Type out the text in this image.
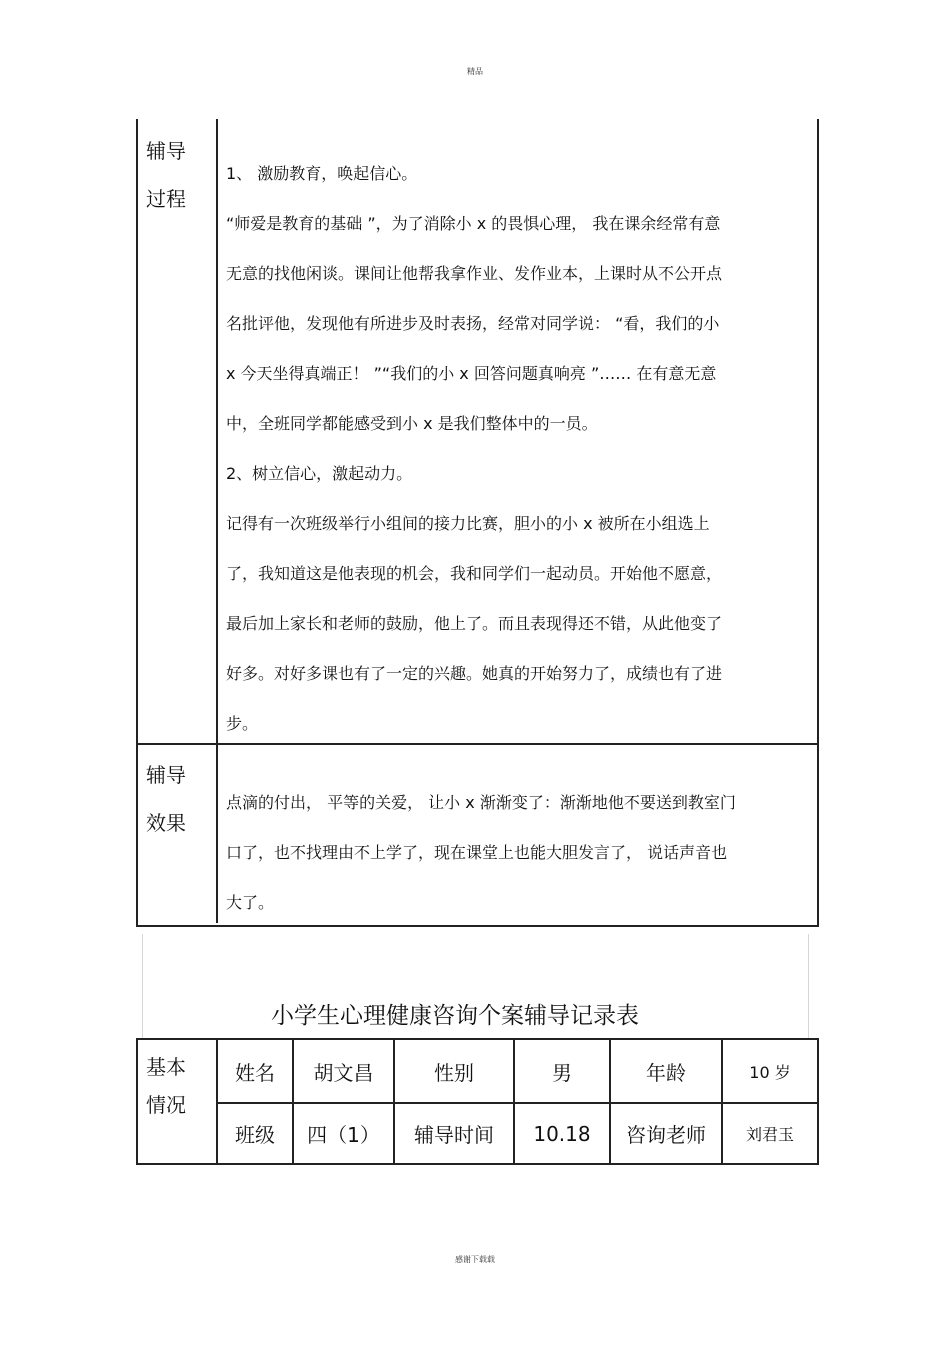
精品
辅导
过程

1、 激励教育，唤起信心。

“师爱是教育的基础 ”，为了消除小 x 的畏惧心理， 我在课余经常有意

无意的找他闲谈。课间让他帮我拿作业、发作业本，上课时从不公开点

名批评他，发现他有所进步及时表扬，经常对同学说： “看，我们的小

x 今天坐得真端正！ ”“我们的小 x 回答问题真响亮 ”…… 在有意无意

中，全班同学都能感受到小 x 是我们整体中的一员。

2、树立信心，激起动力。

记得有一次班级举行小组间的接力比赛，胆小的小 x 被所在小组选上

了，我知道这是他表现的机会，我和同学们一起动员。开始他不愿意，

最后加上家长和老师的鼓励，他上了。而且表现得还不错，从此他变了

好多。对好多课也有了一定的兴趣。她真的开始努力了，成绩也有了进

步。

辅导
效果

点滴的付出， 平等的关爱， 让小 x 渐渐变了：渐渐地他不要送到教室门

口了，也不找理由不上学了，现在课堂上也能大胆发言了， 说话声音也

大了。

小学生心理健康咨询个案辅导记录表
基本
情况
姓名	胡文昌	性别	男	年龄	10 岁
班级	四（1）	辅导时间	10.18	咨询老师	刘君玉
感谢下载载
